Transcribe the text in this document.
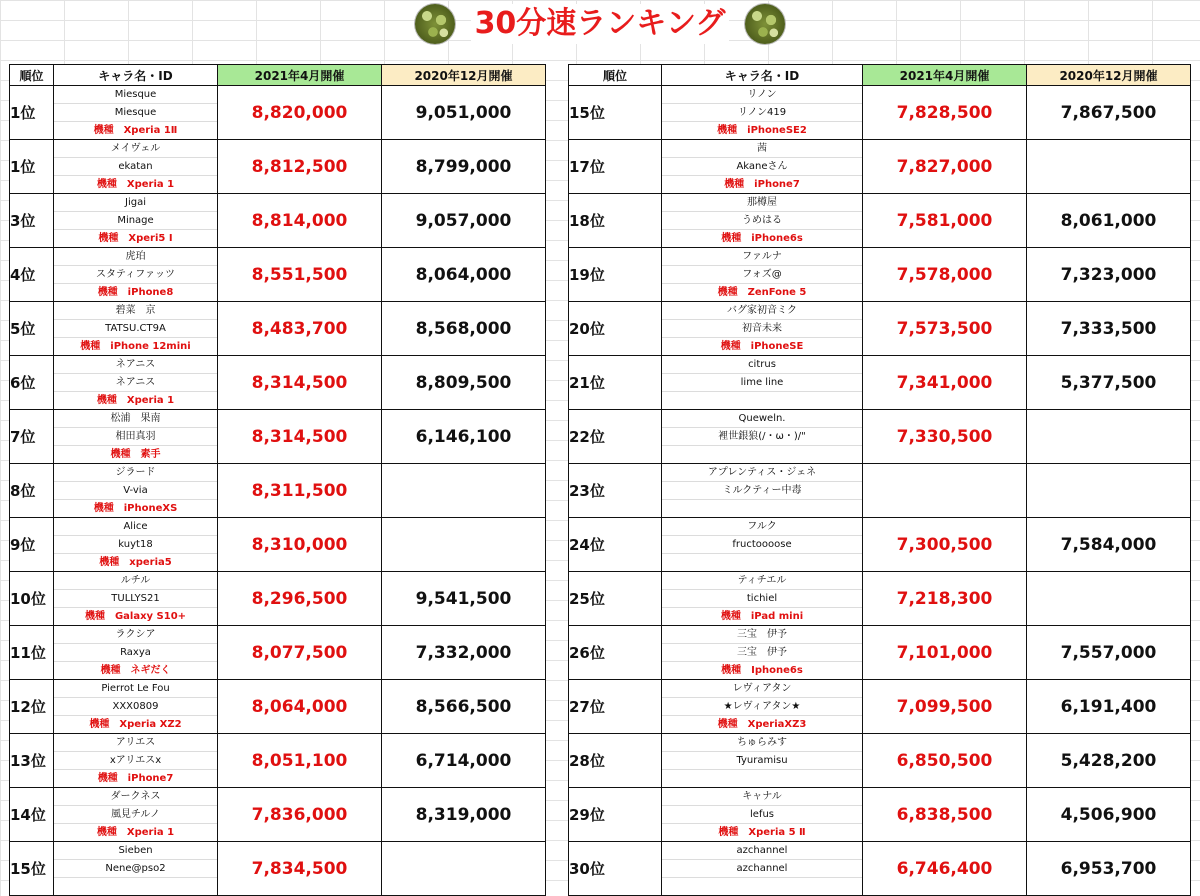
30分速ランキング
順位	キャラ名・ID	2021年4月開催	2020年12月開催
1位	Miesque
Miesque
機種　Xperia 1Ⅱ	8,820,000	9,051,000
1位	メイヴェル
ekatan
機種　Xperia 1	8,812,500	8,799,000
3位	Jigai
Minage
機種　Xperi5 Ⅰ	8,814,000	9,057,000
4位	虎珀
スタティファッツ
機種　iPhone8	8,551,500	8,064,000
5位	碧菜　京
TATSU.CT9A
機種　iPhone 12mini	8,483,700	8,568,000
6位	ネアニス
ネアニス
機種　Xperia 1	8,314,500	8,809,500
7位	松浦　果南
相田真羽
機種　素手	8,314,500	6,146,100
8位	ジラード
V-via
機種　iPhoneXS	8,311,500	
9位	Alice
kuyt18
機種　xperia5	8,310,000	
10位	ルチル
TULLYS21
機種　Galaxy S10+	8,296,500	9,541,500
11位	ラクシア
Raxya
機種　ネギだく	8,077,500	7,332,000
12位	Pierrot Le Fou
XXX0809
機種　Xperia XZ2	8,064,000	8,566,500
13位	アリエス
xアリエスx
機種　iPhone7	8,051,100	6,714,000
14位	ダークネス
風見チルノ
機種　Xperia 1	7,836,000	8,319,000
15位	Sieben
Nene@pso2	7,834,500	
順位	キャラ名・ID	2021年4月開催	2020年12月開催
15位	リノン
リノン419
機種　iPhoneSE2	7,828,500	7,867,500
17位	茜
Akaneさん
機種　iPhone7	7,827,000	
18位	那樽屋
うめはる
機種　iPhone6s	7,581,000	8,061,000
19位	ファルナ
フォズ@
機種　ZenFone 5	7,578,000	7,323,000
20位	バグ家初音ミク
初音未来
機種　iPhoneSE	7,573,500	7,333,500
21位	citrus
lime line	7,341,000	5,377,500
22位	Queweln.
裡世銀狼(/・ω・)/"	7,330,500	
23位	アプレンティス・ジェネ
ミルクティー中毒		

24位	フルク
fructoooose	7,300,500	7,584,000
25位	ティチエル
tichiel
機種　iPad mini	7,218,300	
26位	三宝　伊予
三宝　伊予
機種　Iphone6s	7,101,000	7,557,000
27位	レヴィアタン
★レヴィアタン★
機種　XperiaXZ3	7,099,500	6,191,400
28位	ちゅらみす
Tyuramisu	6,850,500	5,428,200
29位	キャナル
lefus
機種　Xperia 5 Ⅱ	6,838,500	4,506,900
30位	azchannel
azchannel	6,746,400	6,953,700
